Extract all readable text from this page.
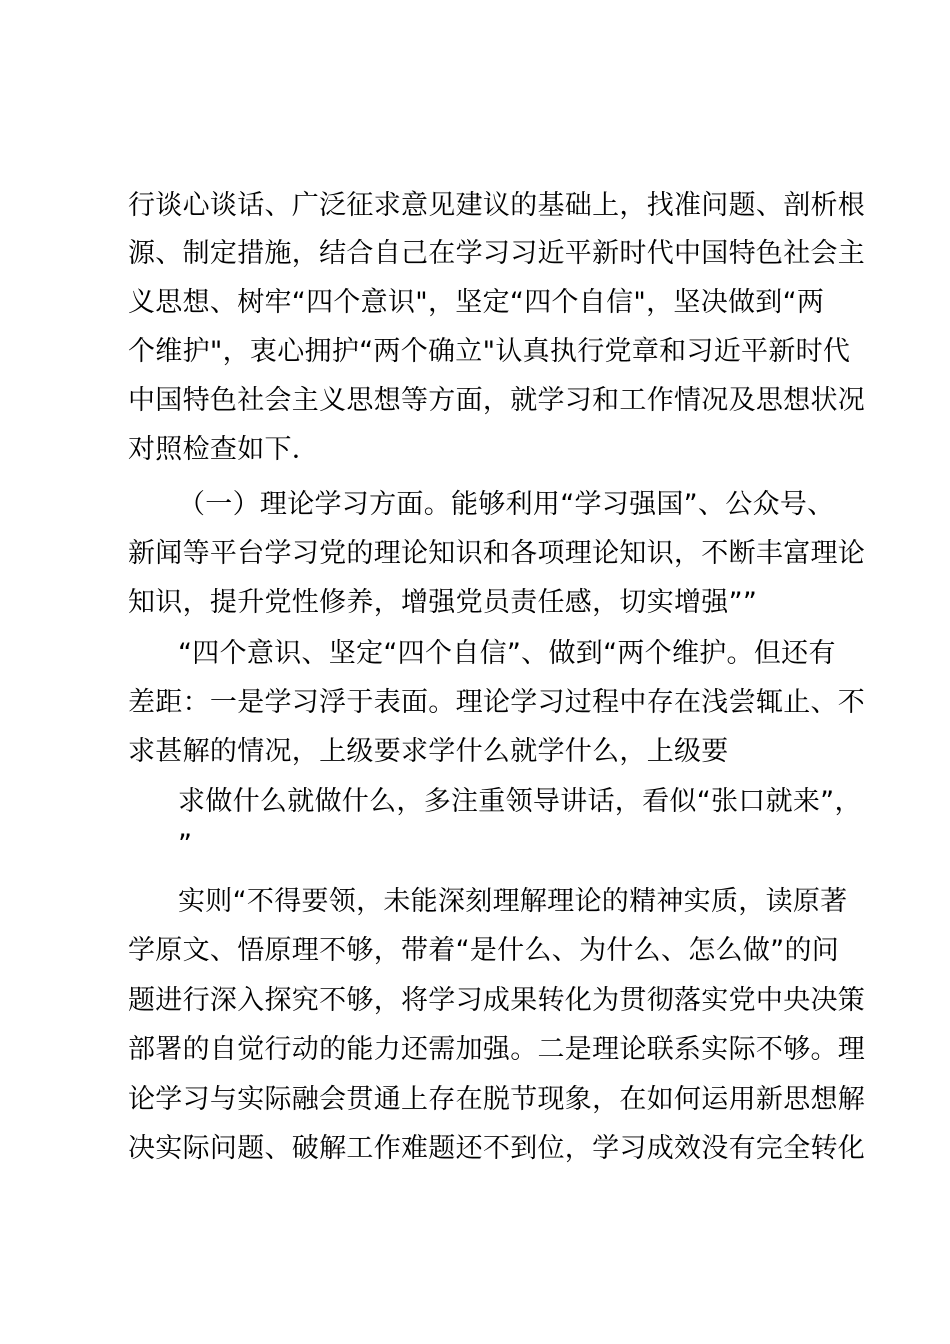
行谈心谈话、广泛征求意见建议的基础上，找准问题、剖析根
源、制定措施，结合自己在学习习近平新时代中国特色社会主
义思想、树牢“四个意识"，坚定“四个自信"，坚决做到“两
个维护"，衷心拥护“两个确立"认真执行党章和习近平新时代
中国特色社会主义思想等方面，就学习和工作情况及思想状况
对照检查如下．
（一）理论学习方面。能够利用“学习强国”、公众号、
新闻等平台学习党的理论知识和各项理论知识，不断丰富理论
知识，提升党性修养，增强党员责任感，切实增强””
“四个意识、坚定“四个自信”、做到“两个维护。但还有
差距：一是学习浮于表面。理论学习过程中存在浅尝辄止、不
求甚解的情况，上级要求学什么就学什么，上级要
求做什么就做什么，多注重领导讲话，看似“张口就来”，
”
实则“不得要领，未能深刻理解理论的精神实质，读原著
学原文、悟原理不够，带着“是什么、为什么、怎么做”的问
题进行深入探究不够，将学习成果转化为贯彻落实党中央决策
部署的自觉行动的能力还需加强。二是理论联系实际不够。理
论学习与实际融会贯通上存在脱节现象，在如何运用新思想解
决实际问题、破解工作难题还不到位，学习成效没有完全转化
